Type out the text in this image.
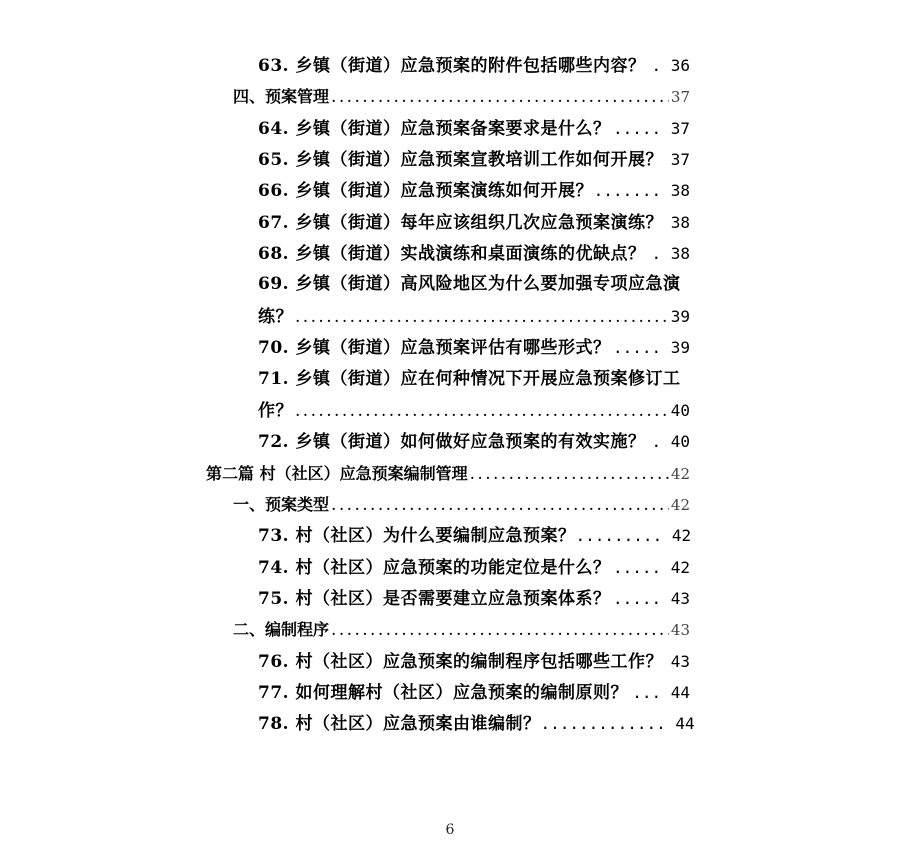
63. 乡镇（街道）应急预案的附件包括哪些内容？ . 36
四、预案管理 . . .	37
64. 乡镇（街道）应急预案备案要求是什么？ ..... 37
65. 乡镇（街道）应急预案宣教培训工作如何开展？ 37
66. 乡镇（街道）应急预案演练如何开展？ ....... 38
67. 乡镇（街道）每年应该组织几次应急预案演练？ 38
68. 乡镇（街道）实战演练和桌面演练的优缺点？ . 38
69. 乡镇（街道）高风险地区为什么要加强专项应急演
练？ . . .	39
70. 乡镇（街道）应急预案评估有哪些形式？ ..... 39
71. 乡镇（街道）应在何种情况下开展应急预案修订工
作？ . . .	40
72. 乡镇（街道）如何做好应急预案的有效实施？ . 40
第二篇 村（社区）应急预案编制管理 . . .	42
一、预案类型 . . .	42
73. 村（社区）为什么要编制应急预案？ ......... 42
74. 村（社区）应急预案的功能定位是什么？ ..... 42
75. 村（社区）是否需要建立应急预案体系？ ..... 43
二、编制程序 . . .	43
76. 村（社区）应急预案的编制程序包括哪些工作？ 43
77. 如何理解村（社区）应急预案的编制原则？ ... 44
78. 村（社区）应急预案由谁编制？ ............. 44
6
